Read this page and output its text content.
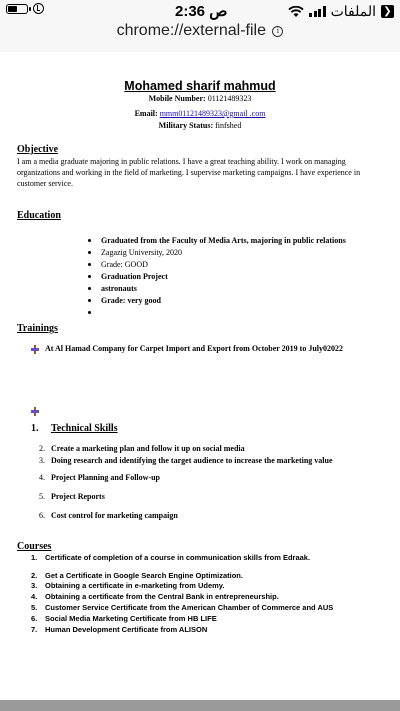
2:36 ص	الملفات ❯
chrome://external-file i
Mohamed sharif mahmud
Mobile Number: 01121489323
Email: mmm01121489323@gmail .com
Military Status: finfshed
Objective
I am a media graduate majoring in public relations. I have a great teaching ability. I work on managing
organizations and working in the field of marketing. I supervise marketing campaigns. I have experience in
customer service.
Education
Graduated from the Faculty of Media Arts, majoring in public relations
Zagazig University, 2020
Grade: GOOD
Graduation Project
astronauts
Grade: very good
Trainings
At Al Hamad Company for Carpet Import and Export from October 2019 to July02022
1. Technical Skills
2. Create a marketing plan and follow it up on social media
3. Doing research and identifying the target audience to increase the marketing value
4. Project Planning and Follow-up
5. Project Reports
6. Cost control for marketing campaign
Courses
1. Certificate of completion of a course in communication skills from Edraak.
2. Get a Certificate in Google Search Engine Optimization.
3. Obtaining a certificate in e-marketing from Udemy.
4. Obtaining a certificate from the Central Bank in entrepreneurship.
5. Customer Service Certificate from the American Chamber of Commerce and AUS
6. Social Media Marketing Certificate from HB LIFE
7. Human Development Certificate from ALISON
